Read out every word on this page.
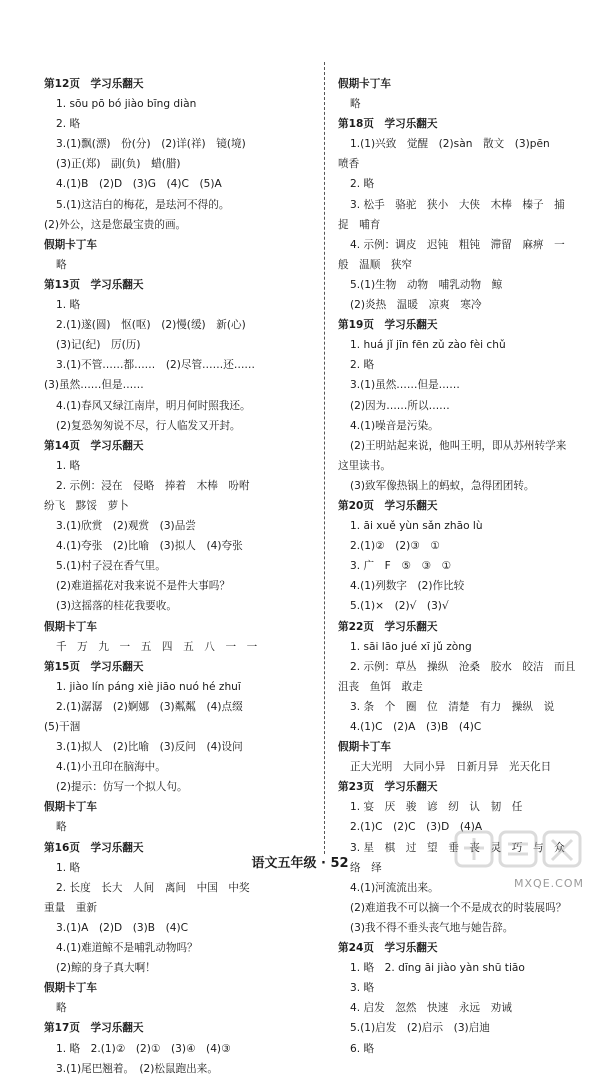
第12页　学习乐翻天
1. sōu pō bó jiào bīng diàn
2. 略
3.(1)飘(漂)　份(分)　(2)详(祥)　镜(境)
(3)正(郑)　副(负)　蜡(腊)
4.(1)B　(2)D　(3)G　(4)C　(5)A
5.(1)这洁白的梅花，是珐河不得的。
(2)外公，这是您最宝贵的画。
假期卡丁车
略
第13页　学习乐翻天
1. 略
2.(1)遂(圆)　怄(呕)　(2)慢(缓)　新(心)
(3)记(纪)　厉(历)
3.(1)不管……都……　(2)尽管……还……
(3)虽然……但是……
4.(1)春风又绿江南岸，明月何时照我还。
(2)复恐匆匆说不尽，行人临发又开封。
第14页　学习乐翻天
1. 略
2. 示例：浸在　侵略　捧着　木棒　吩咐
纷飞　黟馁　萝卜
3.(1)欣赏　(2)观赏　(3)品尝
4.(1)夸张　(2)比喻　(3)拟人　(4)夸张
5.(1)村子浸在香气里。
(2)难道摇花对我来说不是件大事吗？
(3)这摇落的桂花我要收。
假期卡丁车
千　万　九　一　五　四　五　八　一　一
第15页　学习乐翻天
1. jiào lín páng xiè jiāo nuó hé zhuī
2.(1)潺潺　(2)婀娜　(3)粼粼　(4)点缀
(5)干涸
3.(1)拟人　(2)比喻　(3)反问　(4)设问
4.(1)小丑印在脑海中。
(2)提示：仿写一个拟人句。
假期卡丁车
略
第16页　学习乐翻天
1. 略
2. 长度　长大　人间　离间　中国　中奖
重量　重新
3.(1)A　(2)D　(3)B　(4)C
4.(1)难道鲸不是哺乳动物吗？
(2)鲸的身子真大啊！
假期卡丁车
略
第17页　学习乐翻天
1. 略　2.(1)②　(2)①　(3)④　(4)③
3.(1)尾巴翘着。　(2)松鼠跑出来。
假期卡丁车
略
第18页　学习乐翻天
1.(1)兴致　觉醒　(2)sàn　散文　(3)pēn
喷香
2. 略
3. 松手　骆驼　狭小　大侠　木棒　榛子　捕
捉　哺育
4. 示例：调皮　迟钝　粗钝　滞留　麻痹　一
般　温顺　狭窄
5.(1)生物　动物　哺乳动物　鲸
(2)炎热　温暖　凉爽　寒冷
第19页　学习乐翻天
1. huá jǐ jīn fēn zǔ zào fèi chǔ
2. 略
3.(1)虽然……但是……
(2)因为……所以……
4.(1)噪音是污染。
(2)王明站起来说，他叫王明，即从苏州转学来
这里读书。
(3)致军像热锅上的蚂蚁，急得团团转。
第20页　学习乐翻天
1. āi xuě yùn sǎn zhāo lù
2.(1)②　(2)③　①
3. 广　F　⑤　③　①
4.(1)列数字　(2)作比较
5.(1)×　(2)√　(3)√
第22页　学习乐翻天
1. sāi lāo jué xī jǔ zòng
2. 示例：草丛　操纵　沧桑　胶水　皎洁　而且
沮丧　鱼饵　敢走
3. 条　个　圈　位　清楚　有力　操纵　说
4.(1)C　(2)A　(3)B　(4)C
假期卡丁车
正大光明　大同小异　日新月异　光天化日
第23页　学习乐翻天
1. 宴　厌　骏　谚　纫　认　韧　任
2.(1)C　(2)C　(3)D　(4)A
3. 星　棋　过　望　垂　丧　灵　巧　与　众
络　绎
4.(1)河流流出来。
(2)难道我不可以摘一个不是成衣的时装展吗？
(3)我不得不垂头丧气地与她告辞。
第24页　学习乐翻天
1. 略　2. dīng āi jiào yàn shū tiāo
3. 略
4. 启发　忽然　快速　永远　劝诫
5.(1)启发　(2)启示　(3)启迪
6. 略
语文五年级 · 52
MXQE.COM
